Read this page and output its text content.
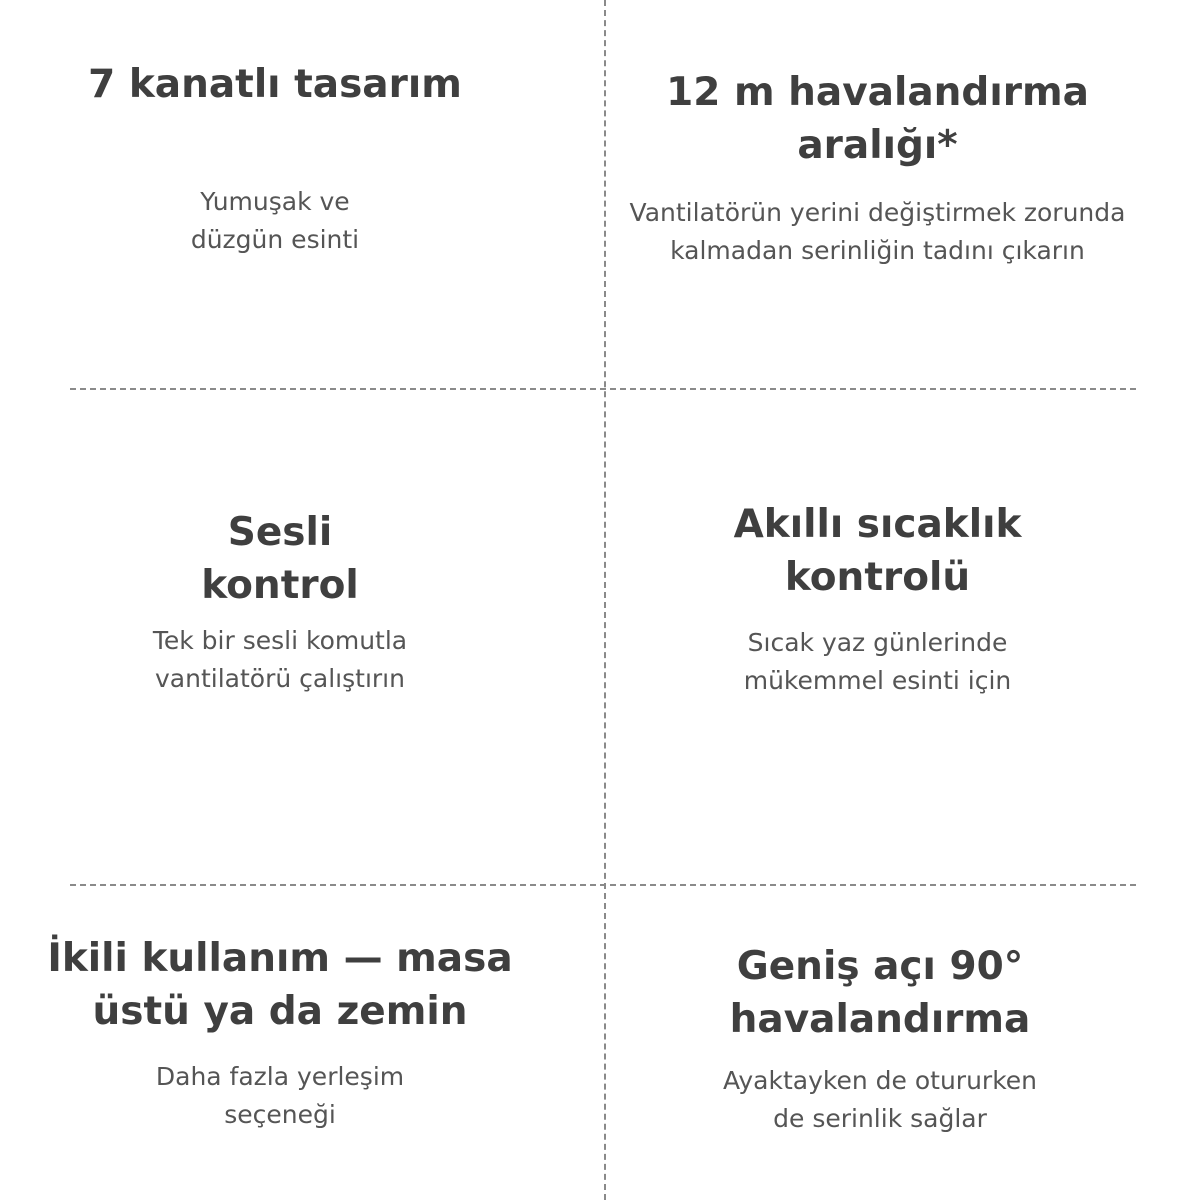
7 kanatlı tasarım

Yumuşak ve
düzgün esinti

12 m havalandırma
aralığı*

Vantilatörün yerini değiştirmek zorunda
kalmadan serinliğin tadını çıkarın

Sesli
kontrol

Tek bir sesli komutla
vantilatörü çalıştırın

Akıllı sıcaklık
kontrolü

Sıcak yaz günlerinde
mükemmel esinti için

İkili kullanım — masa
üstü ya da zemin

Daha fazla yerleşim
seçeneği

Geniş açı 90°
havalandırma

Ayaktayken de otururken
de serinlik sağlar
